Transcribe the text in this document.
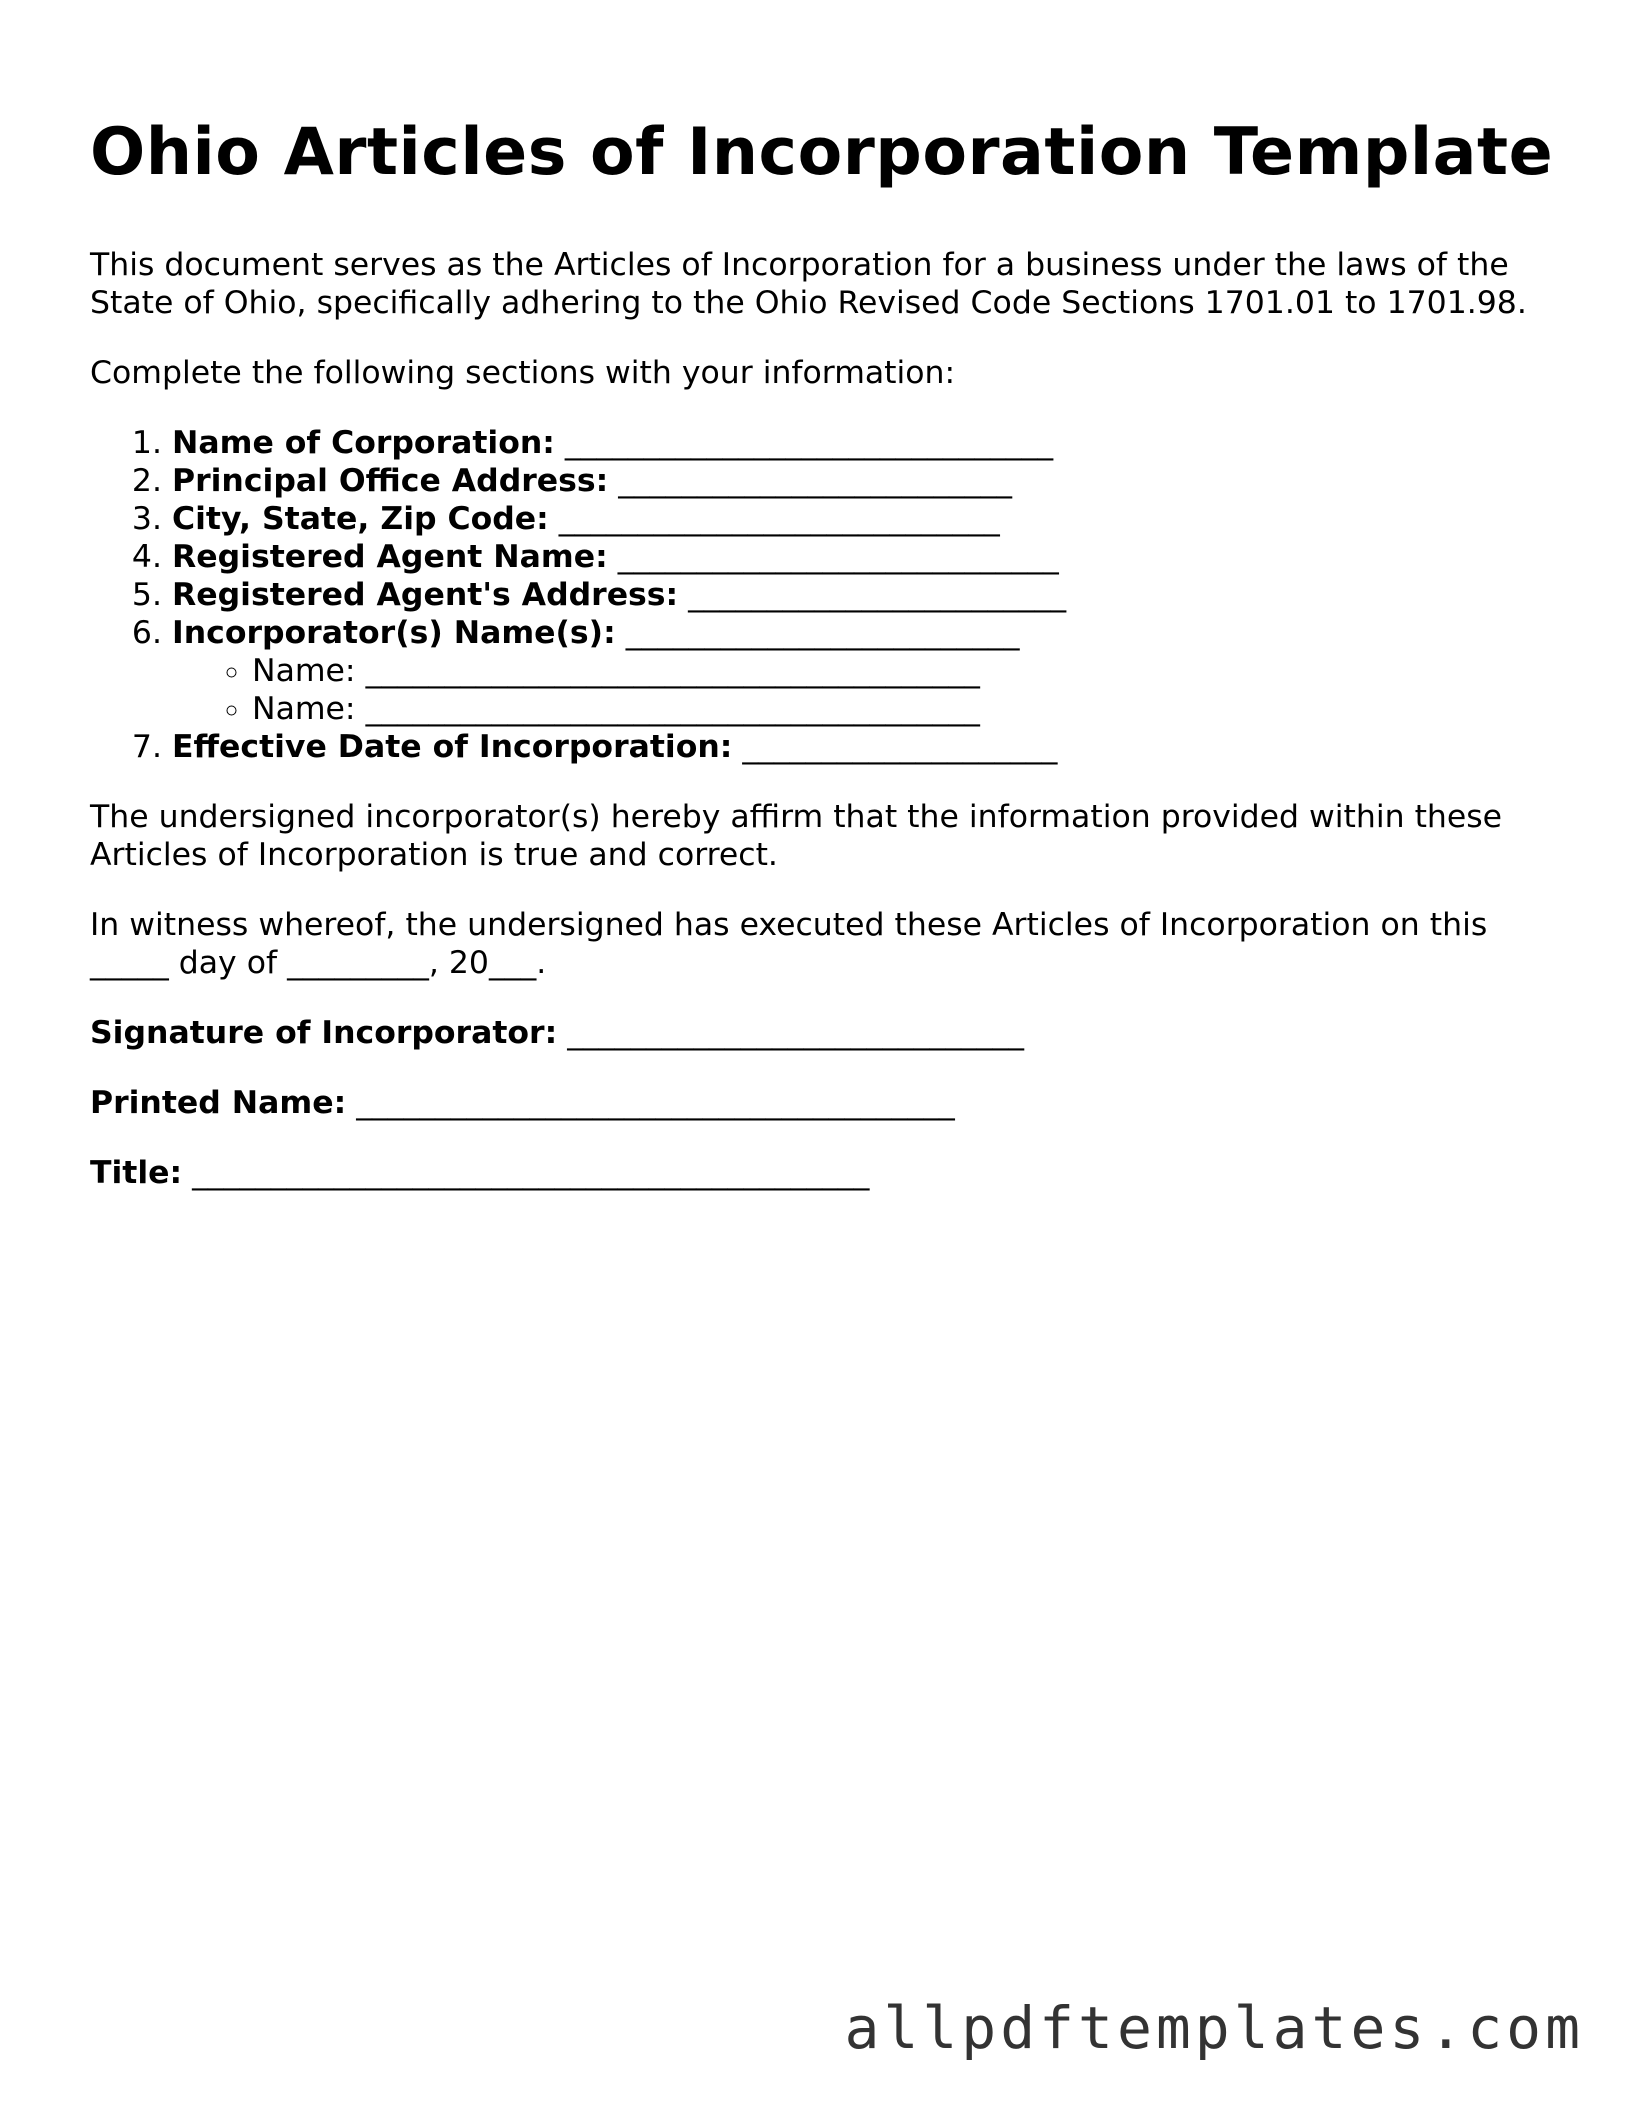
Ohio Articles of Incorporation Template

This document serves as the Articles of Incorporation for a business under the laws of the State of Ohio, specifically adhering to the Ohio Revised Code Sections 1701.01 to 1701.98.

Complete the following sections with your information:

1. Name of Corporation: _______________________________
2. Principal Office Address: _________________________
3. City, State, Zip Code: ____________________________
4. Registered Agent Name: ____________________________
5. Registered Agent's Address: ________________________
6. Incorporator(s) Name(s): _________________________
◦ Name: _______________________________________
◦ Name: _______________________________________
7. Effective Date of Incorporation: ____________________

The undersigned incorporator(s) hereby affirm that the information provided within these Articles of Incorporation is true and correct.

In witness whereof, the undersigned has executed these Articles of Incorporation on this
_____ day of _________, 20___.

Signature of Incorporator: _____________________________
Printed Name: ______________________________________
Title: ___________________________________________
allpdftemplates.com
